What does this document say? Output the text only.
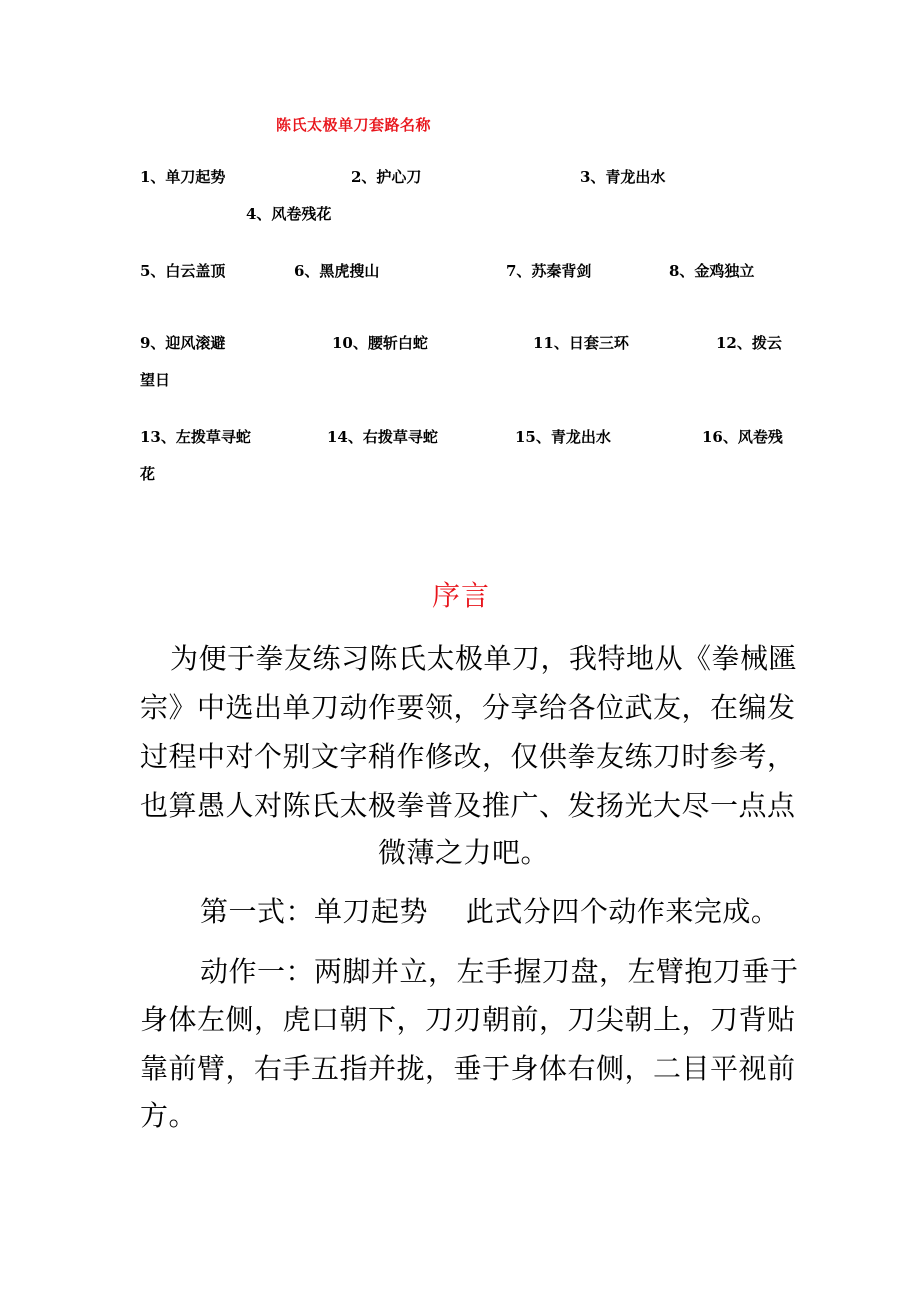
陈氏太极单刀套路名称
1、单刀起势	2、护心刀	3、青龙出水
4、风卷残花
5、白云盖顶	6、黑虎搜山	7、苏秦背剑	8、金鸡独立
9、迎风滚避	10、腰斩白蛇	11、日套三环	12、拨云
望日
13、左拨草寻蛇	14、右拨草寻蛇	15、青龙出水	16、风卷残
花
序言
为便于拳友练习陈氏太极单刀，我特地从《拳械匯
宗》中选出单刀动作要领，分享给各位武友，在编发
过程中对个别文字稍作修改，仅供拳友练刀时参考，
也算愚人对陈氏太极拳普及推广、发扬光大尽一点点
微薄之力吧。
第一式：单刀起势　 此式分四个动作来完成。
动作一：两脚并立，左手握刀盘，左臂抱刀垂于
身体左侧，虎口朝下，刀刃朝前，刀尖朝上，刀背贴
靠前臂，右手五指并拢，垂于身体右侧，二目平视前
方。
